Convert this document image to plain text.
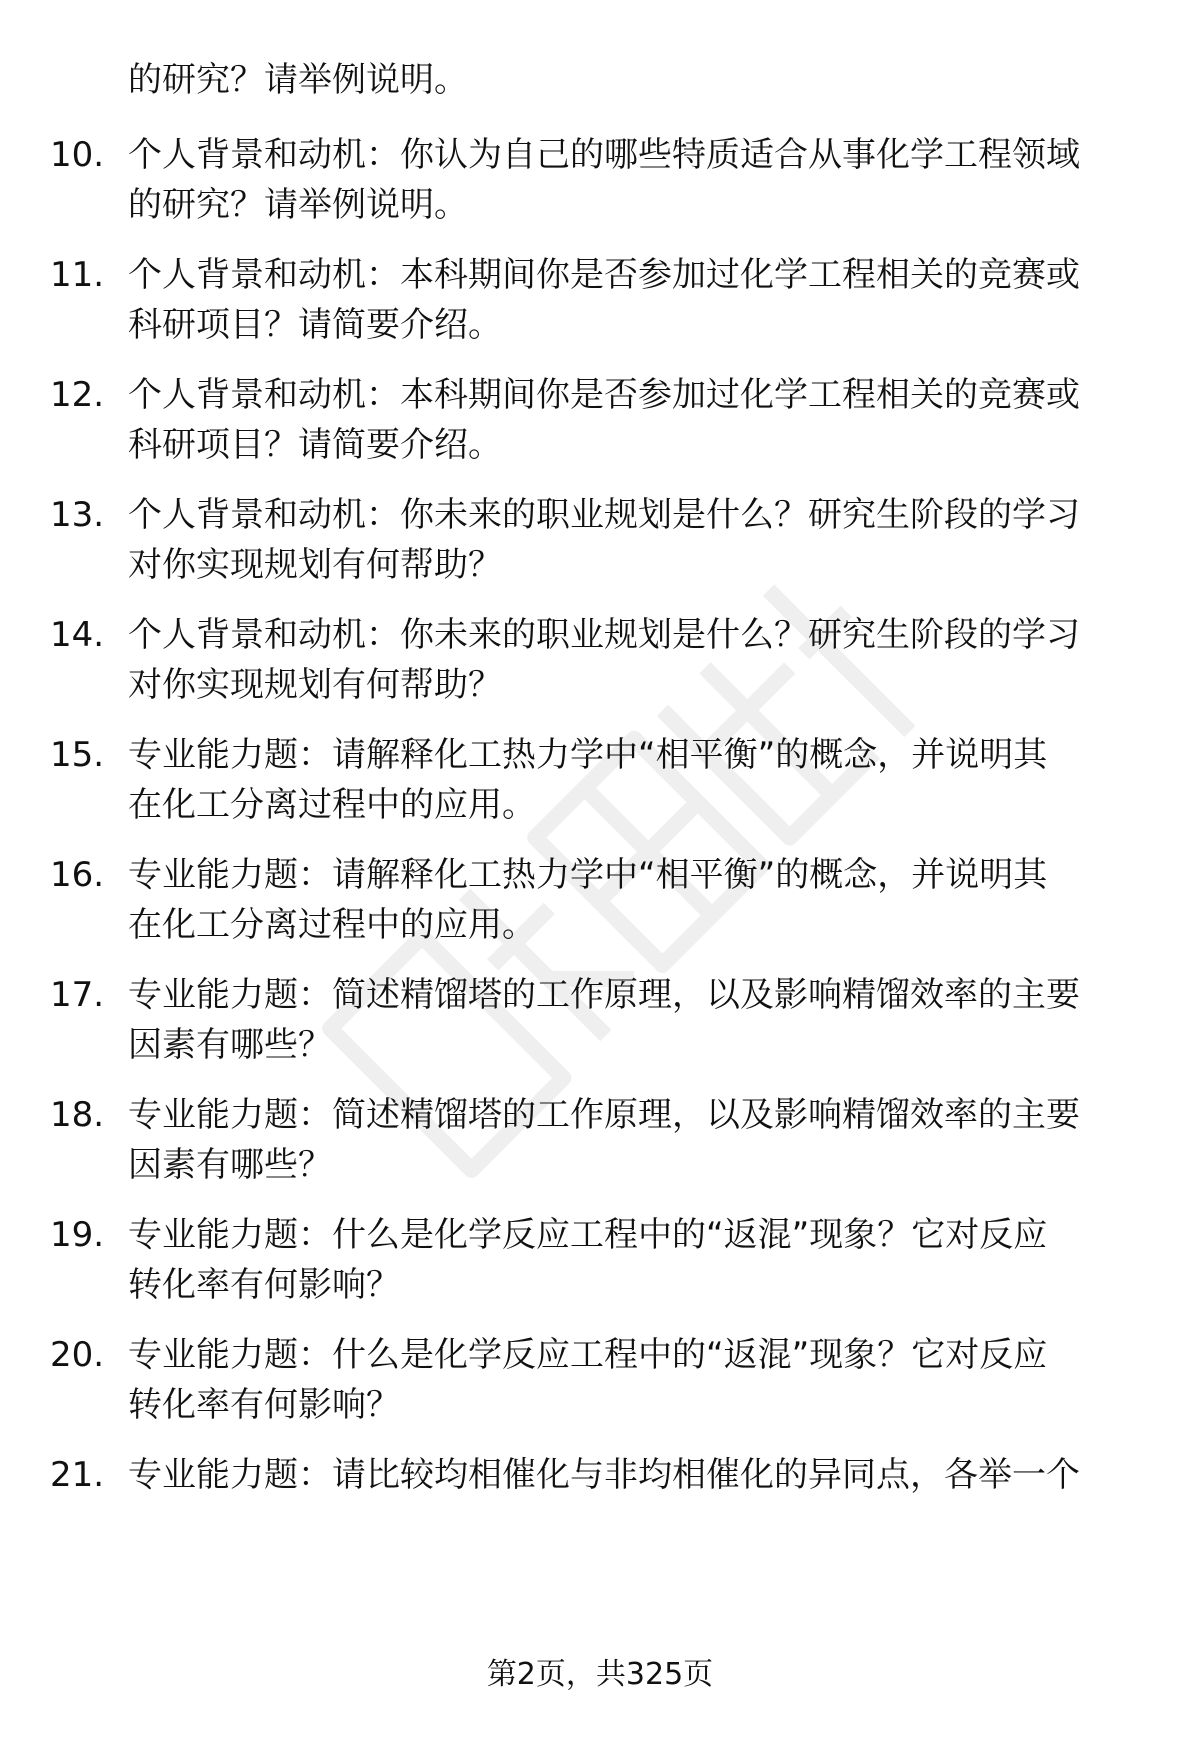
的研究？请举例说明。
10. 个人背景和动机：你认为自己的哪些特质适合从事化学工程领域
的研究？请举例说明。
11. 个人背景和动机：本科期间你是否参加过化学工程相关的竞赛或
科研项目？请简要介绍。
12. 个人背景和动机：本科期间你是否参加过化学工程相关的竞赛或
科研项目？请简要介绍。
13. 个人背景和动机：你未来的职业规划是什么？研究生阶段的学习
对你实现规划有何帮助？
14. 个人背景和动机：你未来的职业规划是什么？研究生阶段的学习
对你实现规划有何帮助？
15. 专业能力题：请解释化工热力学中“相平衡”的概念，并说明其
在化工分离过程中的应用。
16. 专业能力题：请解释化工热力学中“相平衡”的概念，并说明其
在化工分离过程中的应用。
17. 专业能力题：简述精馏塔的工作原理，以及影响精馏效率的主要
因素有哪些？
18. 专业能力题：简述精馏塔的工作原理，以及影响精馏效率的主要
因素有哪些？
19. 专业能力题：什么是化学反应工程中的“返混”现象？它对反应
转化率有何影响？
20. 专业能力题：什么是化学反应工程中的“返混”现象？它对反应
转化率有何影响？
21. 专业能力题：请比较均相催化与非均相催化的异同点，各举一个
第2页，共325页
